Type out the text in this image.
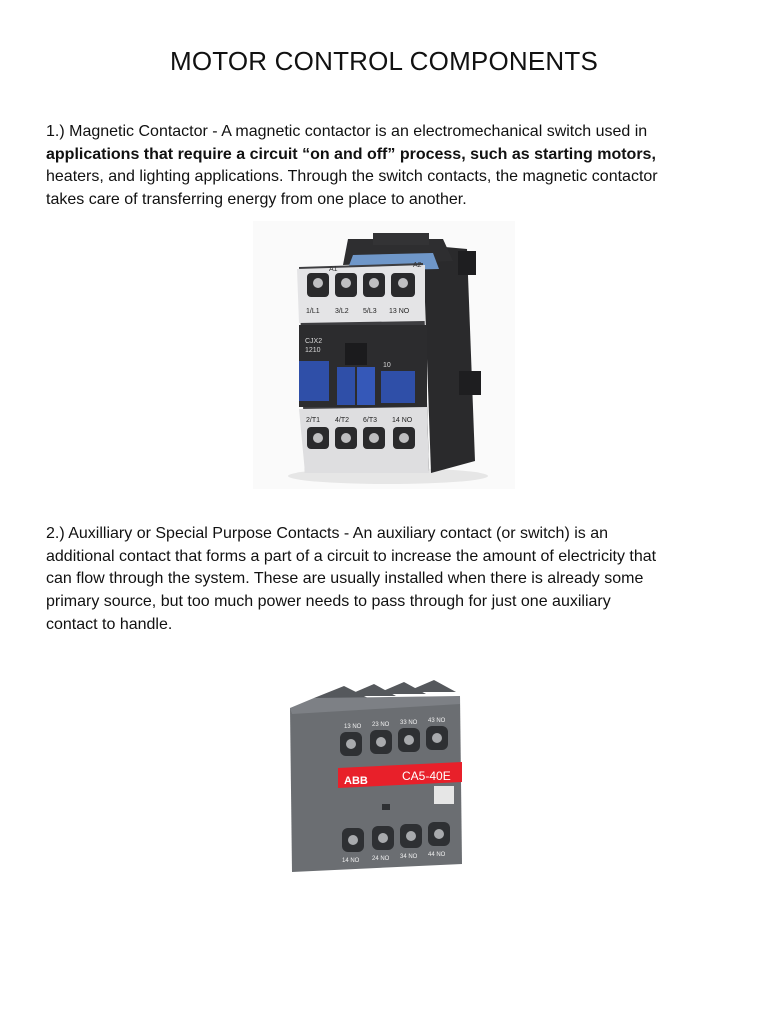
MOTOR CONTROL COMPONENTS
1.) Magnetic Contactor - A magnetic contactor is an electromechanical switch used in
applications that require a circuit “on and off” process, such as starting motors,
heaters, and lighting applications. Through the switch contacts, the magnetic contactor
takes care of transferring energy from one place to another.
A1
A2
1/L1 3/L2 5/L3 13 NO
CJX2
1210
10
2/T1 4/T2 6/T3 14 NO
2.) Auxilliary or Special Purpose Contacts - An auxiliary contact (or switch) is an
additional contact that forms a part of a circuit to increase the amount of electricity that
can flow through the system. These are usually installed when there is already some
primary source, but too much power needs to pass through for just one auxiliary
contact to handle.
13 NO 23 NO 33 NO 43 NO
ABB	CA5-40E
14 NO 24 NO 34 NO 44 NO
